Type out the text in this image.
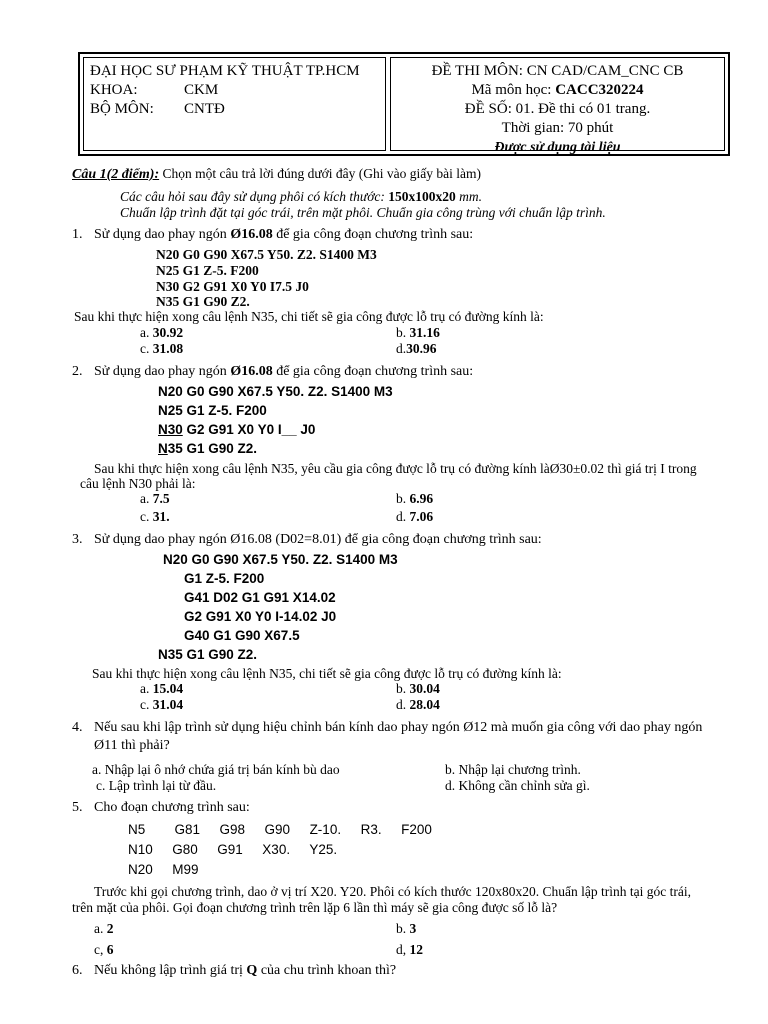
ĐẠI HỌC SƯ PHẠM KỸ THUẬT TP.HCM
KHOA:	CKM
BỘ MÔN: CNTĐ
ĐỀ THI MÔN: CN CAD/CAM_CNC CB
Mã môn học: CACC320224
ĐỀ SỐ: 01. Đề thi có 01 trang.
Thời gian: 70 phút
Được sử dụng tài liệu
Câu 1(2 điểm): Chọn một câu trả lời đúng dưới đây (Ghi vào giấy bài làm)
Các câu hỏi sau đây sử dụng phôi có kích thước: 150x100x20 mm.
Chuẩn lập trình đặt tại góc trái, trên mặt phôi. Chuẩn gia công trùng với chuẩn lập trình.
1. Sử dụng dao phay ngón Ø16.08 để gia công đoạn chương trình sau:
N20 G0 G90 X67.5 Y50. Z2. S1400 M3
N25 G1 Z-5. F200
N30 G2 G91 X0 Y0 I7.5 J0
N35 G1 G90 Z2.
Sau khi thực hiện xong câu lệnh N35, chi tiết sẽ gia công được lỗ trụ có đường kính là:
a. 30.92	b. 31.16
c. 31.08	d.30.96
2. Sử dụng dao phay ngón Ø16.08 để gia công đoạn chương trình sau:
N20 G0 G90 X67.5 Y50. Z2. S1400 M3
N25 G1 Z-5. F200
N30 G2 G91 X0 Y0 I__ J0
N35 G1 G90 Z2.
Sau khi thực hiện xong câu lệnh N35, yêu cầu gia công được lỗ trụ có đường kính làØ30±0.02 thì giá trị I trong
câu lệnh N30 phải là:
a. 7.5	b. 6.96
c. 31.	d. 7.06
3. Sử dụng dao phay ngón Ø16.08 (D02=8.01) để gia công đoạn chương trình sau:
N20 G0 G90 X67.5 Y50. Z2. S1400 M3
G1 Z-5. F200
G41 D02 G1 G91 X14.02
G2 G91 X0 Y0 I-14.02 J0
G40 G1 G90 X67.5
N35 G1 G90 Z2.
Sau khi thực hiện xong câu lệnh N35, chi tiết sẽ gia công được lỗ trụ có đường kính là:
a. 15.04	b. 30.04
c. 31.04	d. 28.04
4. Nếu sau khi lập trình sử dụng hiệu chỉnh bán kính dao phay ngón Ø12 mà muốn gia công với dao phay ngón
Ø11 thì phải?
a. Nhập lại ô nhớ chứa giá trị bán kính bù dao	b. Nhập lại chương trình.
c. Lập trình lại từ đầu.	d. Không cần chỉnh sửa gì.
5. Cho đoạn chương trình sau:
N5   G81  G98  G90  Z-10.  R3.  F200
N10  G80  G91  X30.  Y25.
N20  M99
Trước khi gọi chương trình, dao ở vị trí X20. Y20. Phôi có kích thước 120x80x20. Chuẩn lập trình tại góc trái,
trên mặt của phôi. Gọi đoạn chương trình trên lặp 6 lần thì máy sẽ gia công được số lỗ là?
a. 2	b. 3
c, 6	d, 12
6. Nếu không lập trình giá trị Q của chu trình khoan thì?
